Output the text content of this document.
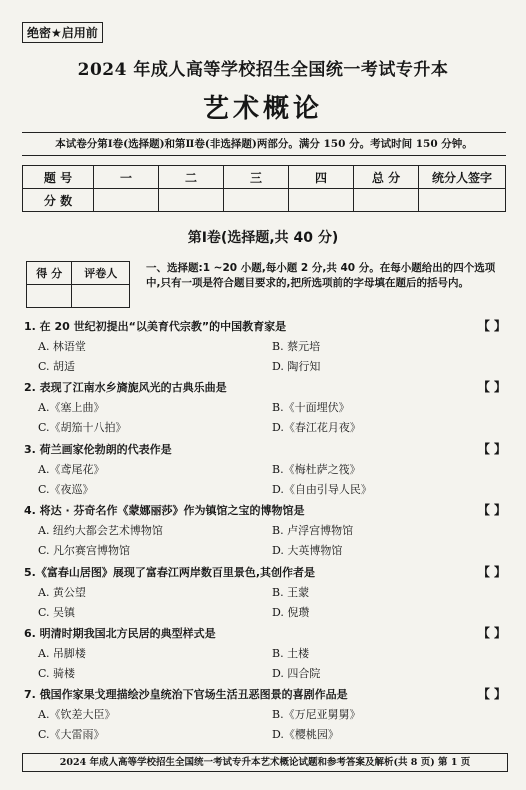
绝密★启用前
2024 年成人高等学校招生全国统一考试专升本
艺术概论
本试卷分第Ⅰ卷(选择题)和第Ⅱ卷(非选择题)两部分。满分 150 分。考试时间 150 分钟。
题 号	一	二	三	四	总 分	统分人签字
分 数						
第Ⅰ卷(选择题,共 40 分)
得 分	评卷人
		一、选择题:1 ~20 小题,每小题 2 分,共 40 分。在每小题给出的四个选项中,只有一项是符合题目要求的,把所选项前的字母填在题后的括号内。
1. 在 20 世纪初提出“以美育代宗教”的中国教育家是	【 】
A. 林语堂	B. 蔡元培
C. 胡适	D. 陶行知
2. 表现了江南水乡旖旎风光的古典乐曲是	【 】
A.《塞上曲》	B.《十面埋伏》
C.《胡笳十八拍》	D.《春江花月夜》
3. 荷兰画家伦勃朗的代表作是	【 】
A.《鸢尾花》	B.《梅杜萨之筏》
C.《夜巡》	D.《自由引导人民》
4. 将达 · 芬奇名作《蒙娜丽莎》作为镇馆之宝的博物馆是	【 】
A. 纽约大都会艺术博物馆	B. 卢浮宫博物馆
C. 凡尔赛宫博物馆	D. 大英博物馆
5.《富春山居图》展现了富春江两岸数百里景色,其创作者是	【 】
A. 黄公望	B. 王蒙
C. 吴镇	D. 倪瓒
6. 明清时期我国北方民居的典型样式是	【 】
A. 吊脚楼	B. 土楼
C. 骑楼	D. 四合院
7. 俄国作家果戈理描绘沙皇统治下官场生活丑恶图景的喜剧作品是	【 】
A.《钦差大臣》	B.《万尼亚舅舅》
C.《大雷雨》	D.《樱桃园》
2024 年成人高等学校招生全国统一考试专升本艺术概论试题和参考答案及解析(共 8 页) 第 1 页
